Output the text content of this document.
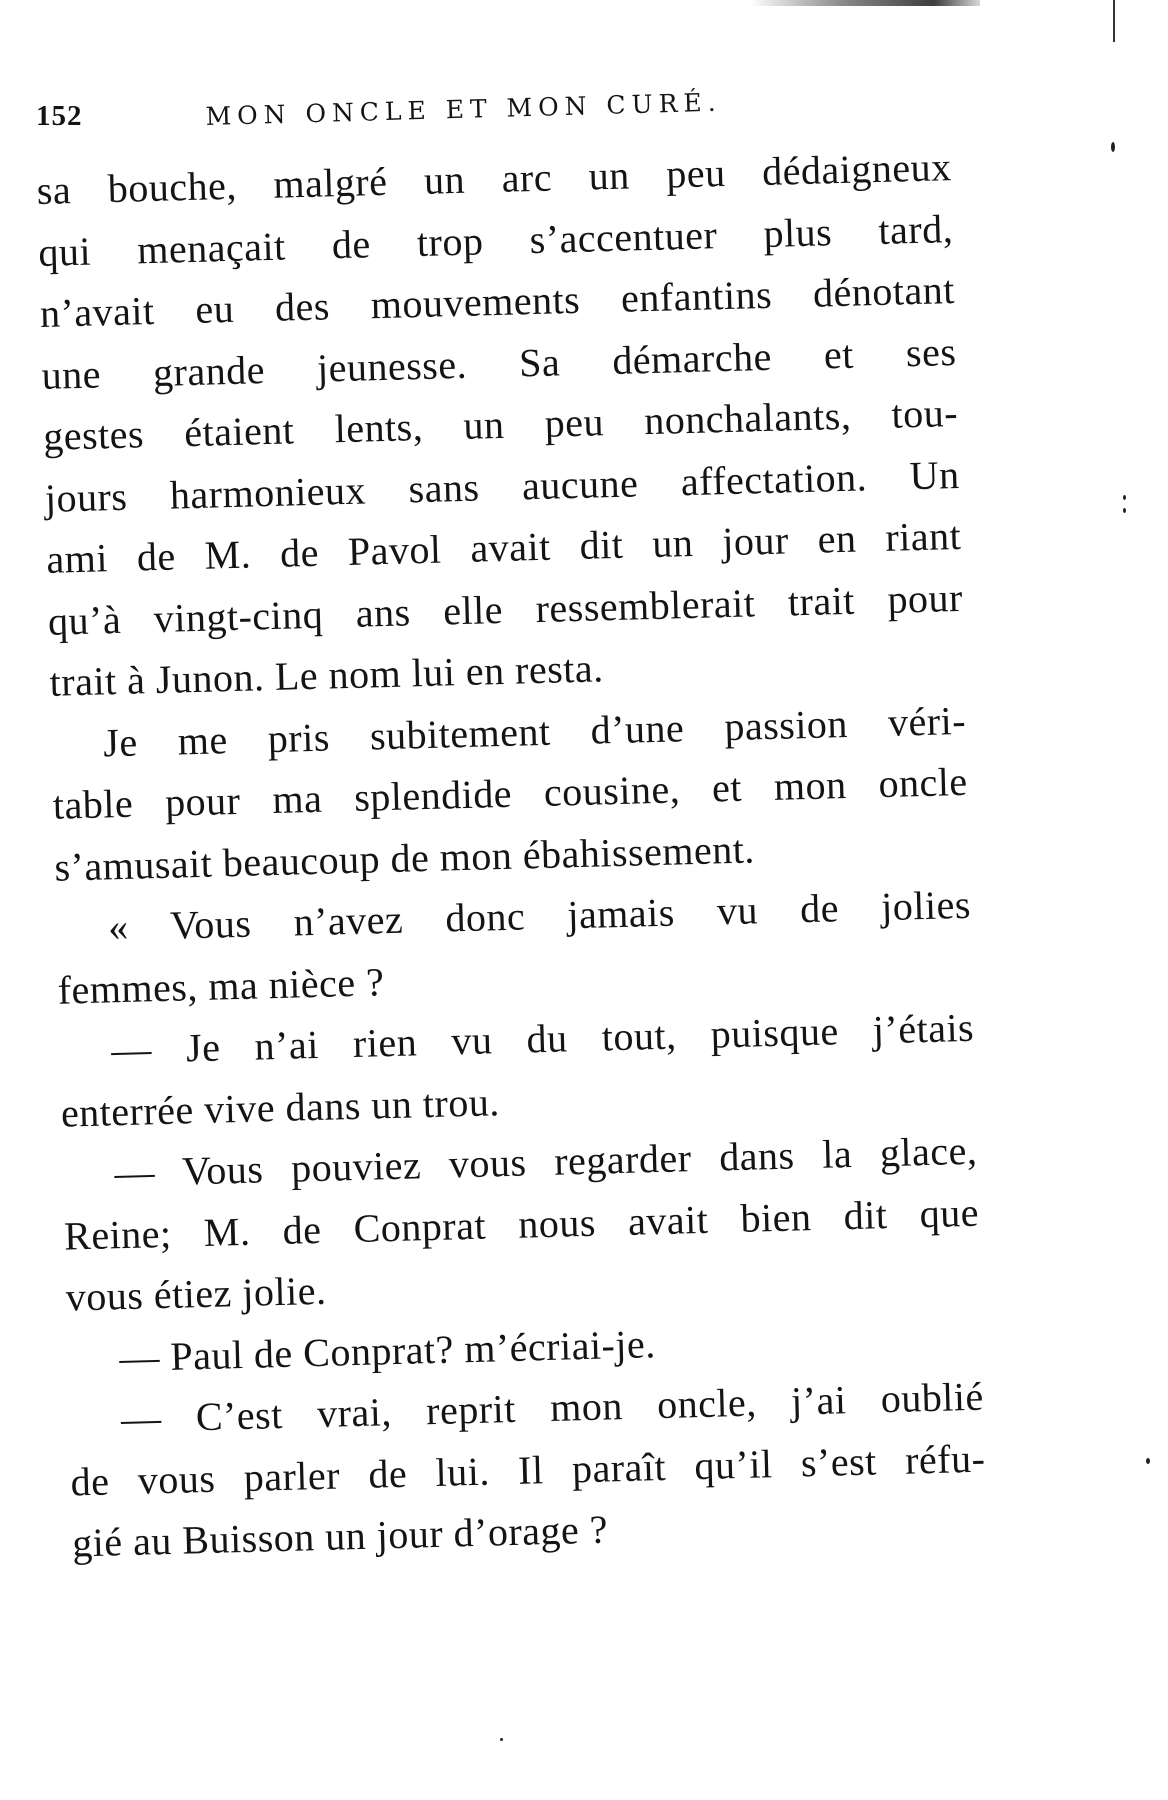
152	MON ONCLE ET MON CURÉ.
sa bouche, malgré un arc un peu dédaigneux
qui menaçait de trop s’accentuer plus tard,
n’avait eu des mouvements enfantins dénotant
une grande jeunesse. Sa démarche et ses
gestes étaient lents, un peu nonchalants, tou-
jours harmonieux sans aucune affectation. Un
ami de M. de Pavol avait dit un jour en riant
qu’à vingt-cinq ans elle ressemblerait trait pour
trait à Junon. Le nom lui en resta.
Je me pris subitement d’une passion véri-
table pour ma splendide cousine, et mon oncle
s’amusait beaucoup de mon ébahissement.
« Vous n’avez donc jamais vu de jolies
femmes, ma nièce ?
— Je n’ai rien vu du tout, puisque j’étais
enterrée vive dans un trou.
— Vous pouviez vous regarder dans la glace,
Reine; M. de Conprat nous avait bien dit que
vous étiez jolie.
— Paul de Conprat? m’écriai-je.
— C’est vrai, reprit mon oncle, j’ai oublié
de vous parler de lui. Il paraît qu’il s’est réfu-
gié au Buisson un jour d’orage ?
